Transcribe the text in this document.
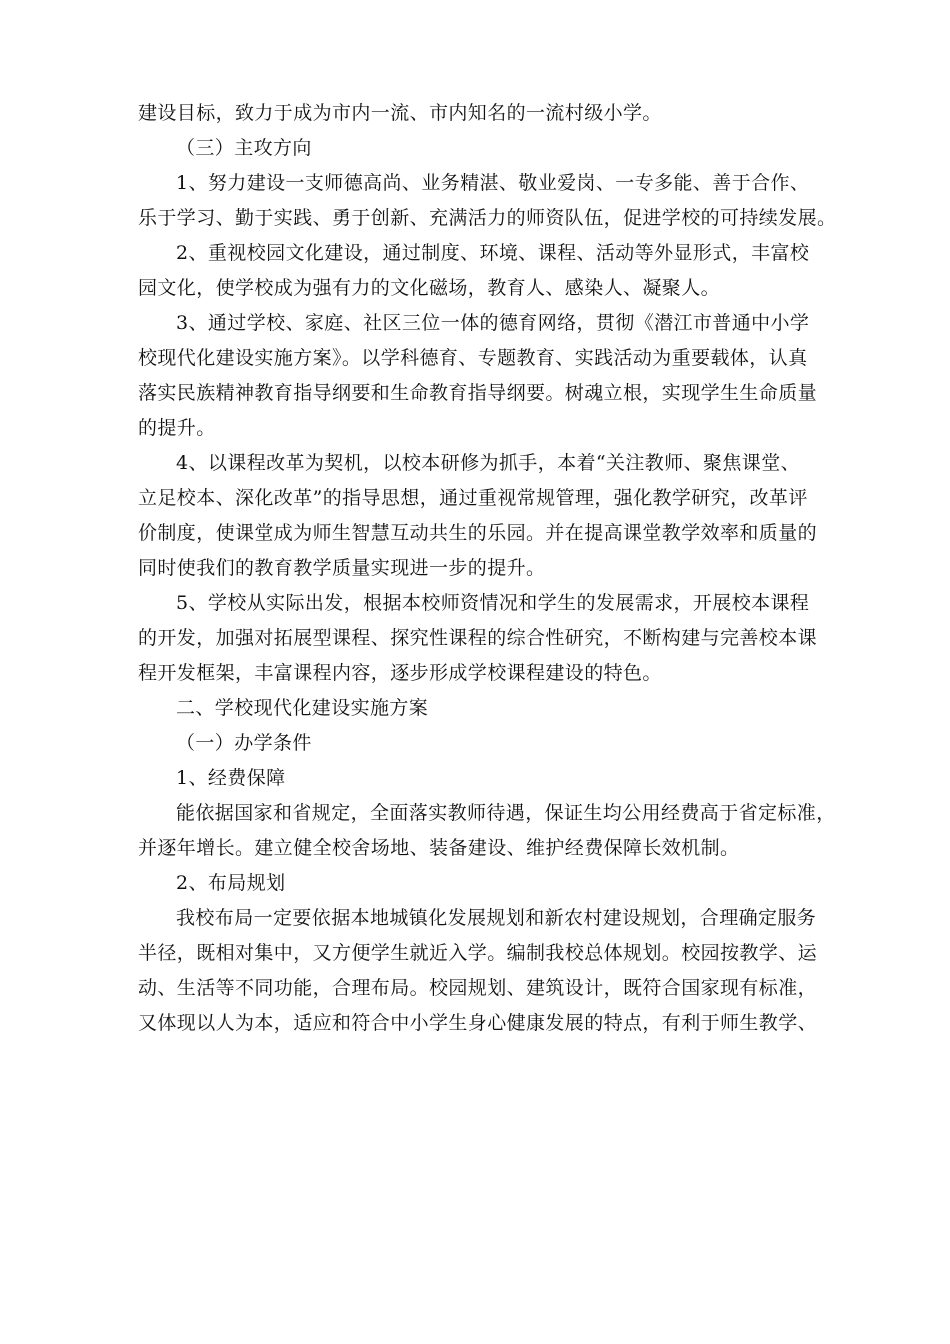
建设目标，致力于成为市内一流、市内知名的一流村级小学。
（三）主攻方向
1、努力建设一支师德高尚、业务精湛、敬业爱岗、一专多能、善于合作、
乐于学习、勤于实践、勇于创新、充满活力的师资队伍，促进学校的可持续发展。
2、重视校园文化建设，通过制度、环境、课程、活动等外显形式，丰富校
园文化，使学校成为强有力的文化磁场，教育人、感染人、凝聚人。
3、通过学校、家庭、社区三位一体的德育网络，贯彻《潜江市普通中小学
校现代化建设实施方案》。以学科德育、专题教育、实践活动为重要载体，认真
落实民族精神教育指导纲要和生命教育指导纲要。树魂立根，实现学生生命质量
的提升。
4、以课程改革为契机，以校本研修为抓手，本着“关注教师、聚焦课堂、
立足校本、深化改革”的指导思想，通过重视常规管理，强化教学研究，改革评
价制度，使课堂成为师生智慧互动共生的乐园。并在提高课堂教学效率和质量的
同时使我们的教育教学质量实现进一步的提升。
5、学校从实际出发，根据本校师资情况和学生的发展需求，开展校本课程
的开发，加强对拓展型课程、探究性课程的综合性研究，不断构建与完善校本课
程开发框架，丰富课程内容，逐步形成学校课程建设的特色。
二、学校现代化建设实施方案
（一）办学条件
1、经费保障
能依据国家和省规定，全面落实教师待遇，保证生均公用经费高于省定标准，
并逐年增长。建立健全校舍场地、装备建设、维护经费保障长效机制。
2、布局规划
我校布局一定要依据本地城镇化发展规划和新农村建设规划，合理确定服务
半径，既相对集中，又方便学生就近入学。编制我校总体规划。校园按教学、运
动、生活等不同功能，合理布局。校园规划、建筑设计，既符合国家现有标准，
又体现以人为本，适应和符合中小学生身心健康发展的特点，有利于师生教学、
